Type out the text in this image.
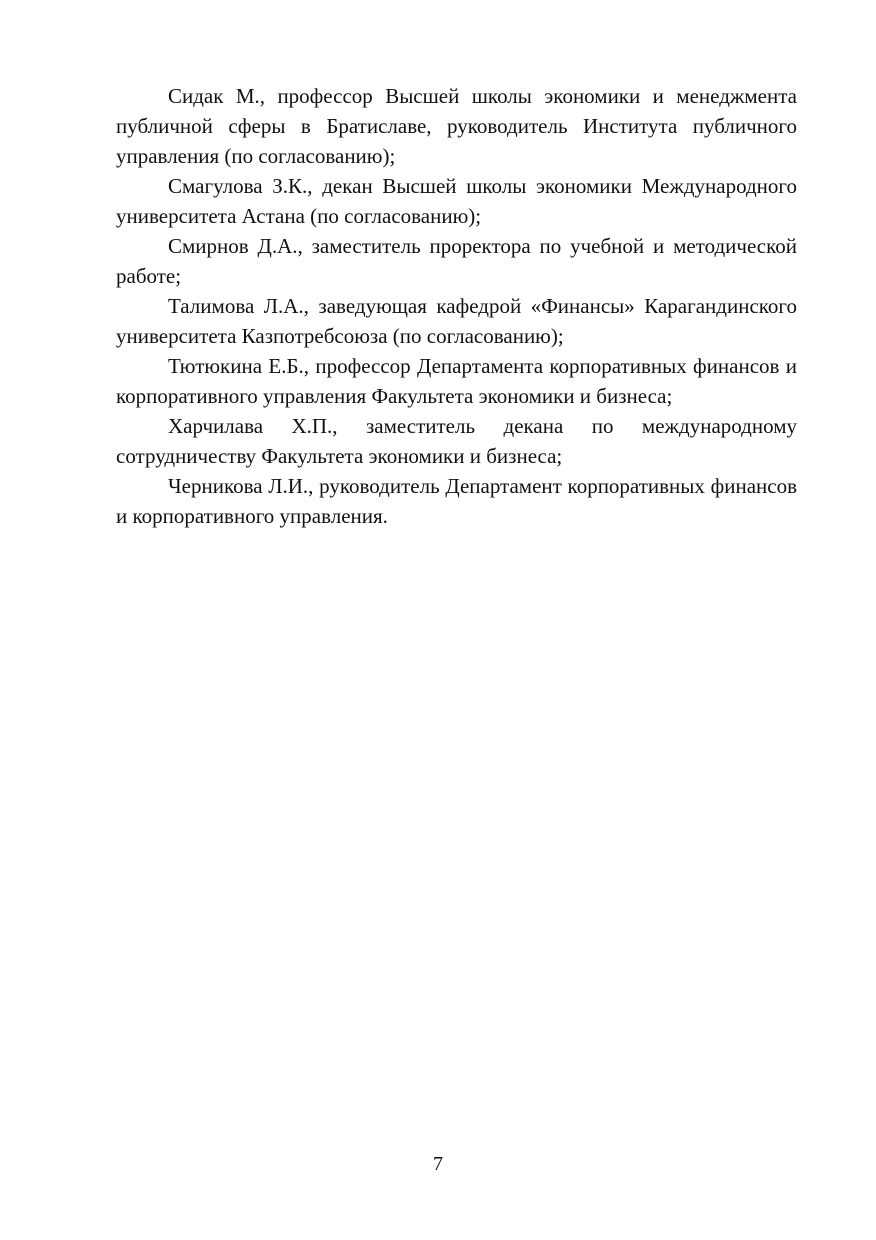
Сидак М., профессор Высшей школы экономики и менеджмента публичной сферы в Братиславе, руководитель Института публичного управления (по согласованию);

Смагулова З.К., декан Высшей школы экономики Международного университета Астана (по согласованию);

Смирнов Д.А., заместитель проректора по учебной и методической работе;

Талимова Л.А., заведующая кафедрой «Финансы» Карагандинского университета Казпотребсоюза (по согласованию);

Тютюкина Е.Б., профессор Департамента корпоративных финансов и корпоративного управления Факультета экономики и бизнеса;

Харчилава Х.П., заместитель декана по международному сотрудничеству Факультета экономики и бизнеса;

Черникова Л.И., руководитель Департамент корпоративных финансов и корпоративного управления.

7
